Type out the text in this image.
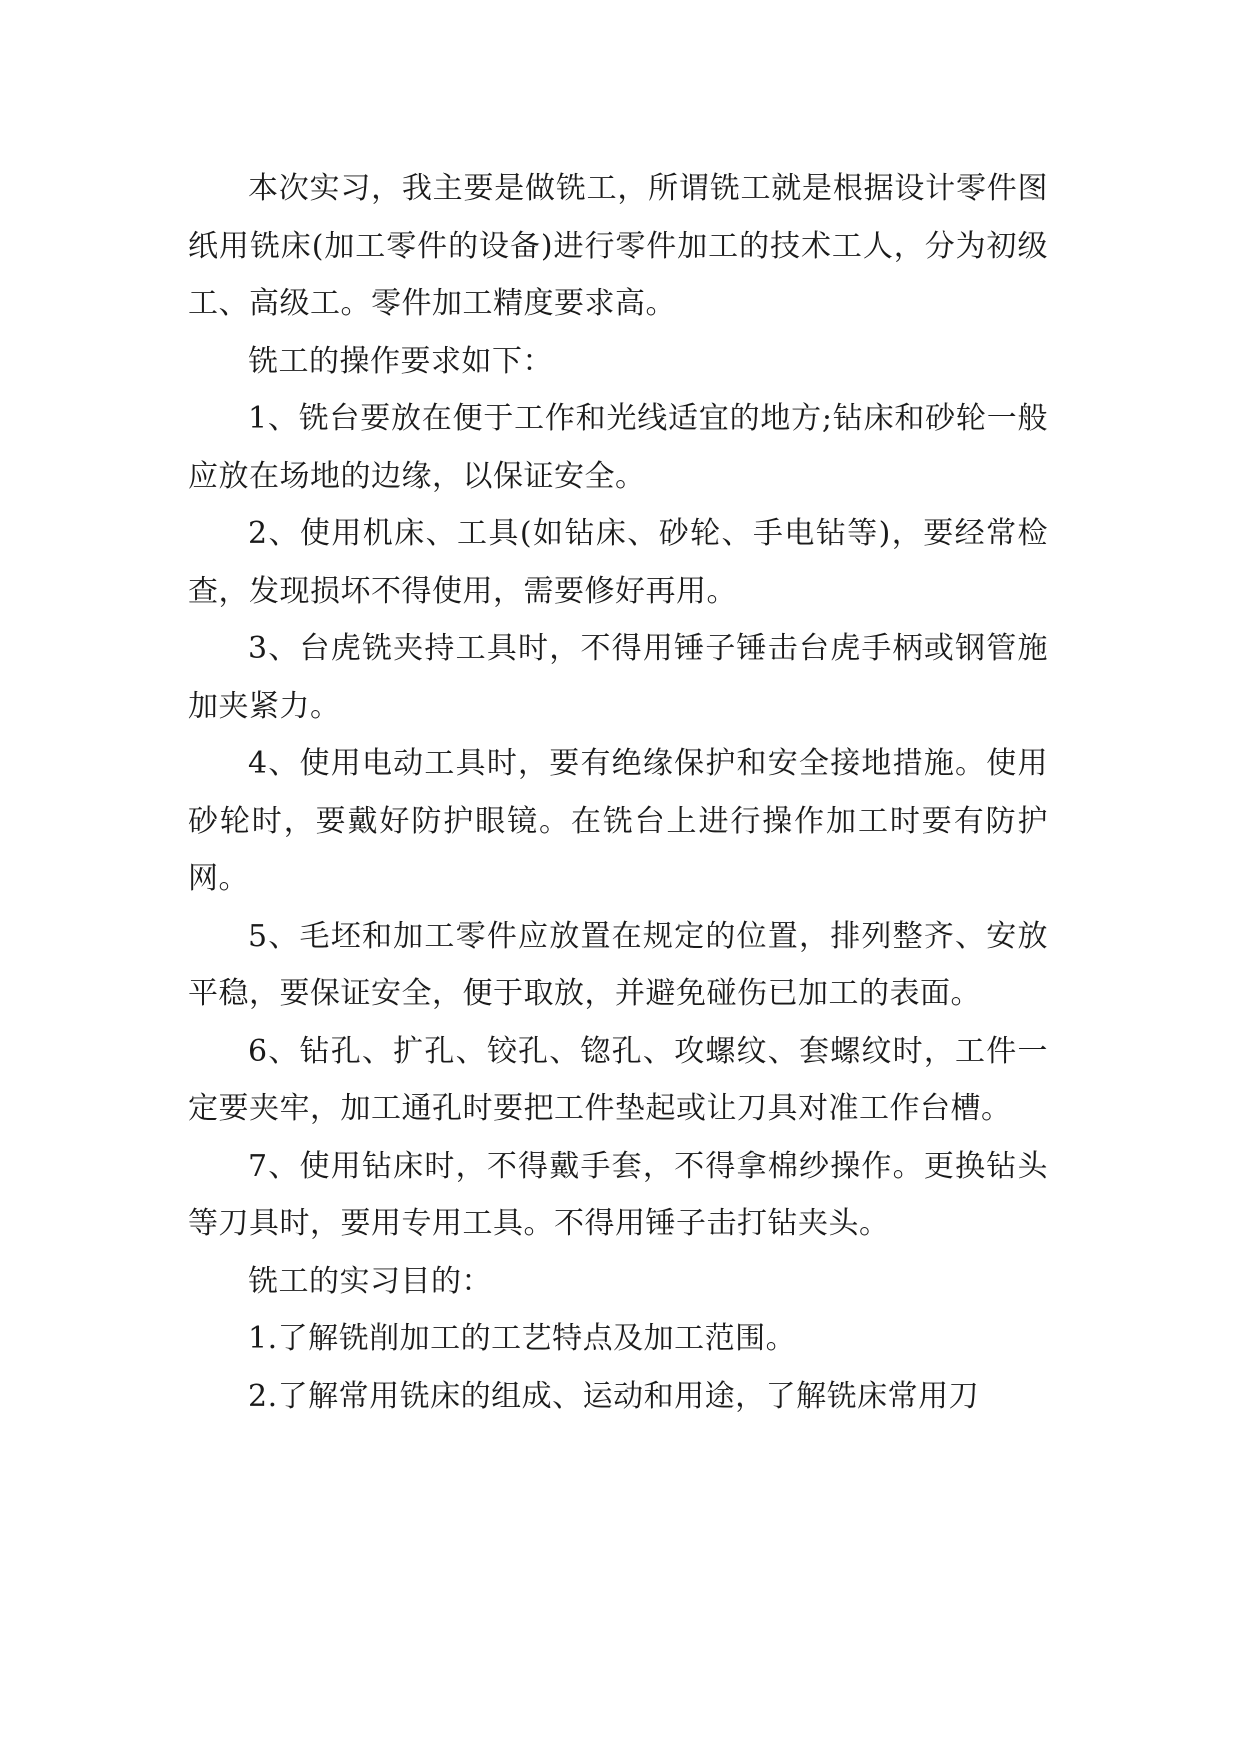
本次实习，我主要是做铣工，所谓铣工就是根据设计零件图纸用铣床(加工零件的设备)进行零件加工的技术工人，分为初级工、高级工。零件加工精度要求高。

铣工的操作要求如下：

1、铣台要放在便于工作和光线适宜的地方;钻床和砂轮一般应放在场地的边缘，以保证安全。

2、使用机床、工具(如钻床、砂轮、手电钻等)，要经常检查，发现损坏不得使用，需要修好再用。

3、台虎铣夹持工具时，不得用锤子锤击台虎手柄或钢管施加夹紧力。

4、使用电动工具时，要有绝缘保护和安全接地措施。使用砂轮时，要戴好防护眼镜。在铣台上进行操作加工时要有防护网。

5、毛坯和加工零件应放置在规定的位置，排列整齐、安放平稳，要保证安全，便于取放，并避免碰伤已加工的表面。

6、钻孔、扩孔、铰孔、锪孔、攻螺纹、套螺纹时，工件一定要夹牢，加工通孔时要把工件垫起或让刀具对准工作台槽。

7、使用钻床时，不得戴手套，不得拿棉纱操作。更换钻头等刀具时，要用专用工具。不得用锤子击打钻夹头。

铣工的实习目的：

1.了解铣削加工的工艺特点及加工范围。

2.了解常用铣床的组成、运动和用途，了解铣床常用刀
